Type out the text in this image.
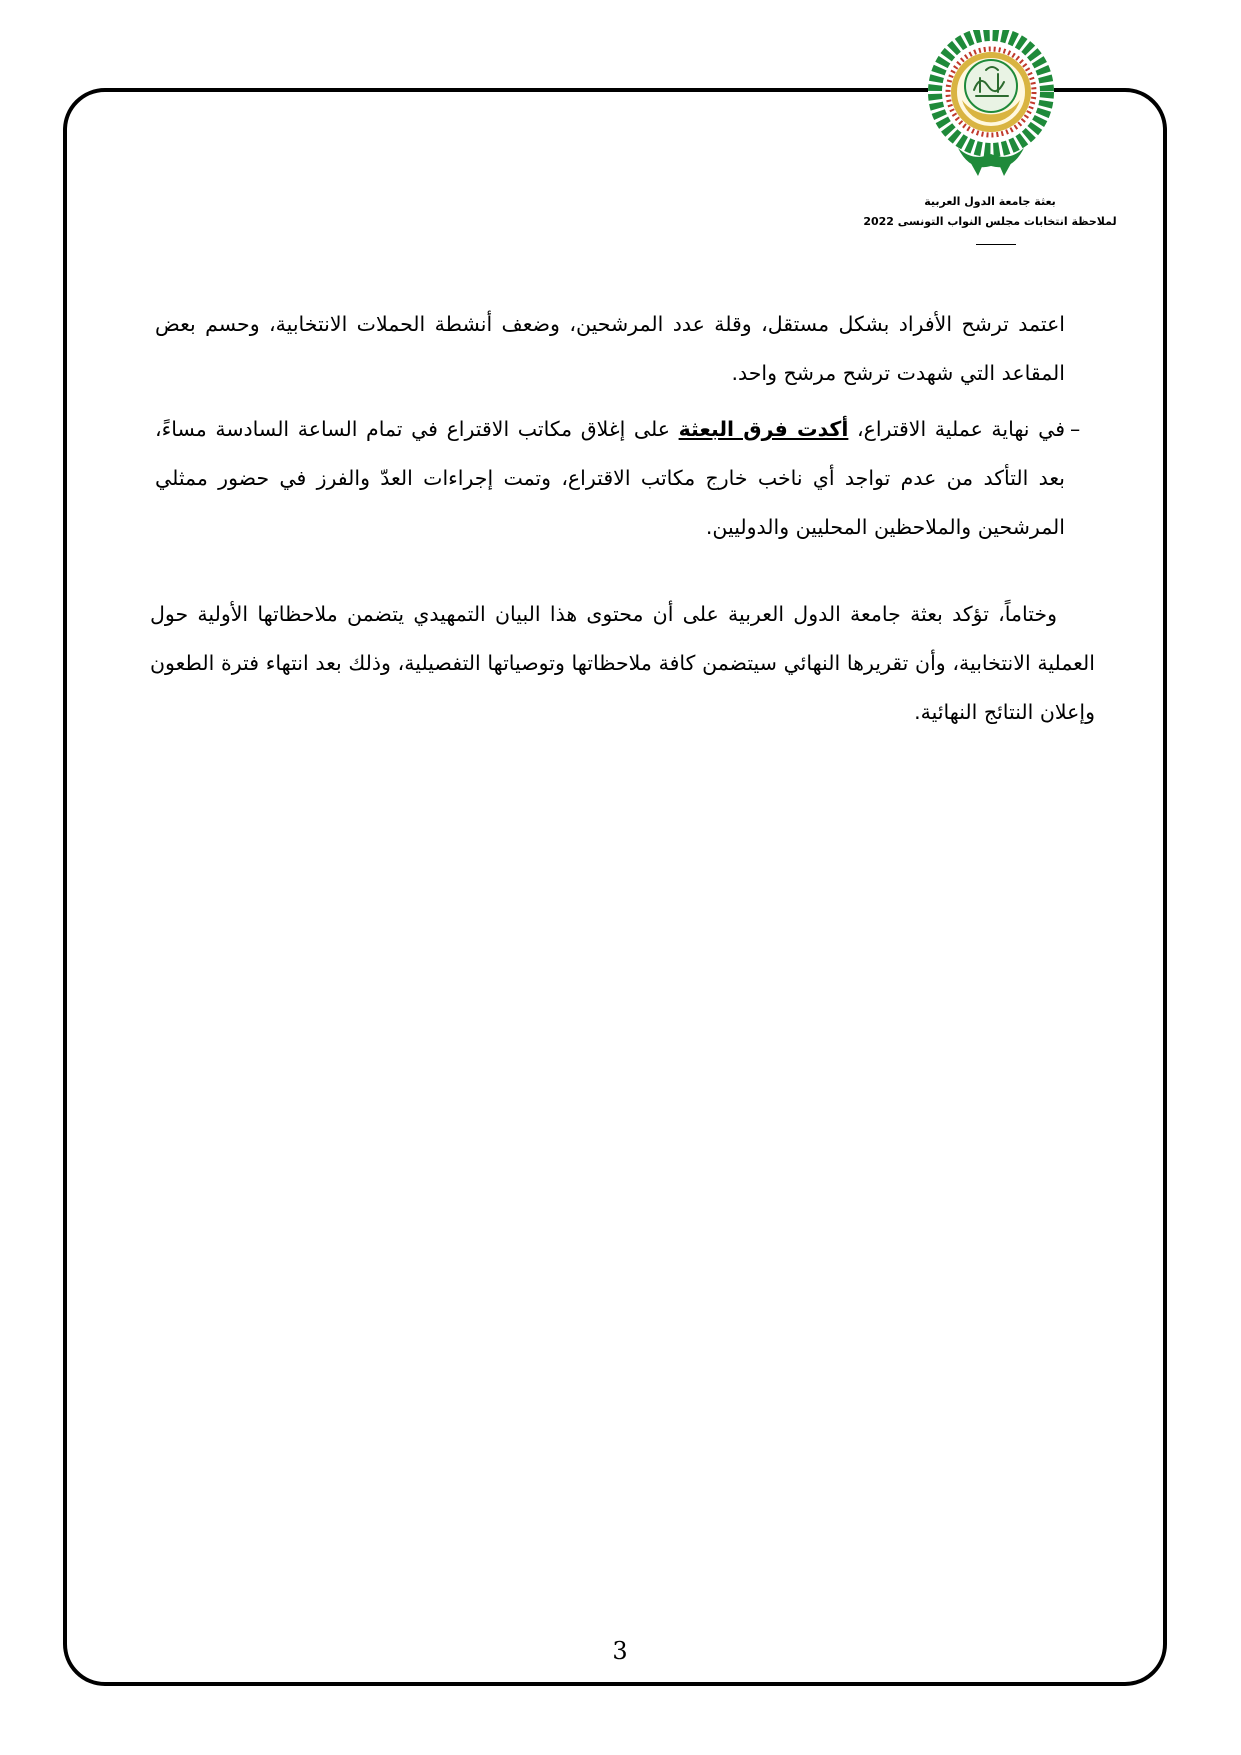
بعثة جامعة الدول العربية
لملاحظة انتخابات مجلس النواب التونسى 2022

اعتمد ترشح الأفراد بشكل مستقل، وقلة عدد المرشحين، وضعف أنشطة الحملات الانتخابية، وحسم بعض المقاعد التي شهدت ترشح مرشح واحد.

–

في نهاية عملية الاقتراع، أكدت فرق البعثة على إغلاق مكاتب الاقتراع في تمام الساعة السادسة مساءً، بعد التأكد من عدم تواجد أي ناخب خارج مكاتب الاقتراع، وتمت إجراءات العدّ والفرز في حضور ممثلي المرشحين والملاحظين المحليين والدوليين.

وختاماً، تؤكد بعثة جامعة الدول العربية على أن محتوى هذا البيان التمهيدي يتضمن ملاحظاتها الأولية حول العملية الانتخابية، وأن تقريرها النهائي سيتضمن كافة ملاحظاتها وتوصياتها التفصيلية، وذلك بعد انتهاء فترة الطعون وإعلان النتائج النهائية.

3
